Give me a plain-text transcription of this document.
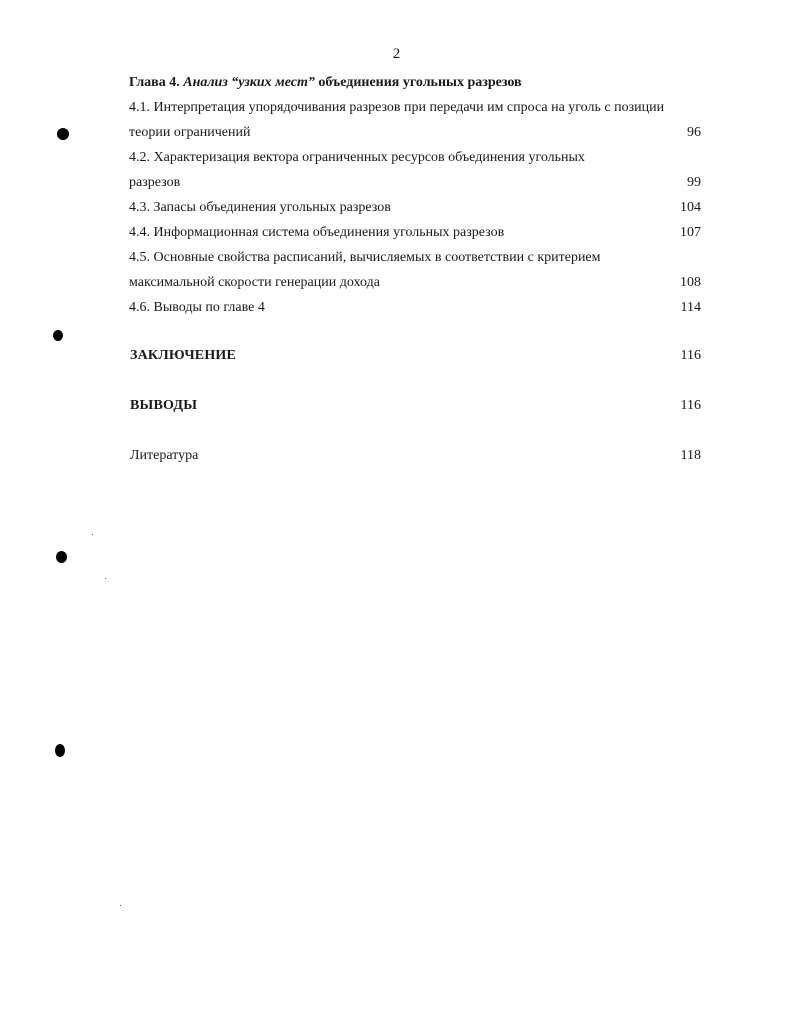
2
Глава 4. Анализ “узких мест” объединения угольных разрезов
4.1. Интерпретация упорядочивания разрезов при передачи им спроса на уголь с позиции
теории ограничений	96
4.2. Характеризация вектора ограниченных ресурсов объединения угольных
разрезов	99
4.3. Запасы объединения угольных разрезов	104
4.4. Информационная система объединения угольных разрезов	107
4.5. Основные свойства расписаний, вычисляемых в соответствии с критерием
максимальной скорости генерации дохода	108
4.6. Выводы по главе 4	114
ЗАКЛЮЧЕНИЕ	116
ВЫВОДЫ	116
Литература	118
